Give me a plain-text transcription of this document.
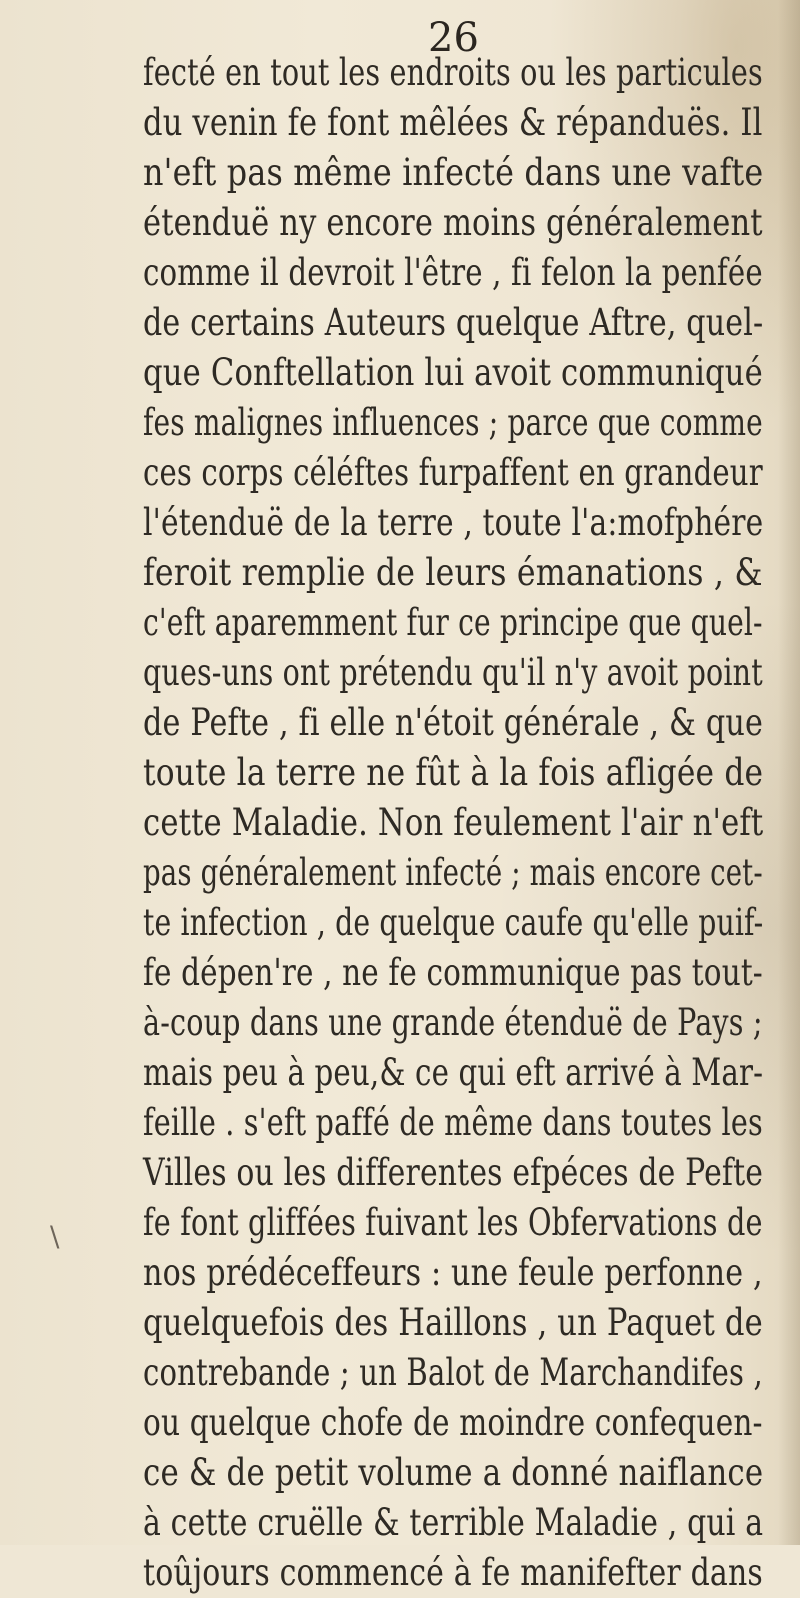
26
fecté en tout les endroits ou les particules
du venin fe font mêlées & répanduës. Il
n'eft pas même infecté dans une vafte
étenduë ny encore moins généralement
comme il devroit l'être , fi felon la penfée
de certains Auteurs quelque Aftre, quel-
que Conftellation lui avoit communiqué
fes malignes influences ; parce que comme
ces corps céléftes furpaffent en grandeur
l'étenduë de la terre , toute l'a:mofphére
feroit remplie de leurs émanations , &
c'eft aparemment fur ce principe que quel-
ques-uns ont prétendu qu'il n'y avoit point
de Pefte , fi elle n'étoit générale , & que
toute la terre ne fût à la fois afligée de
cette Maladie. Non feulement l'air n'eft
pas généralement infecté ; mais encore cet-
te infection , de quelque caufe qu'elle puif-
fe dépen're , ne fe communique pas tout-
à-coup dans une grande étenduë de Pays ;
mais peu à peu,& ce qui eft arrivé à Mar-
feille . s'eft paffé de même dans toutes les
Villes ou les differentes efpéces de Pefte
fe font gliffées fuivant les Obfervations de
nos prédéceffeurs : une feule perfonne ,
quelquefois des Haillons , un Paquet de
contrebande ; un Balot de Marchandifes ,
ou quelque chofe de moindre confequen-
ce & de petit volume a donné naiflance
à cette cruëlle & terrible Maladie , qui a
toûjours commencé à fe manifefter dans
\
